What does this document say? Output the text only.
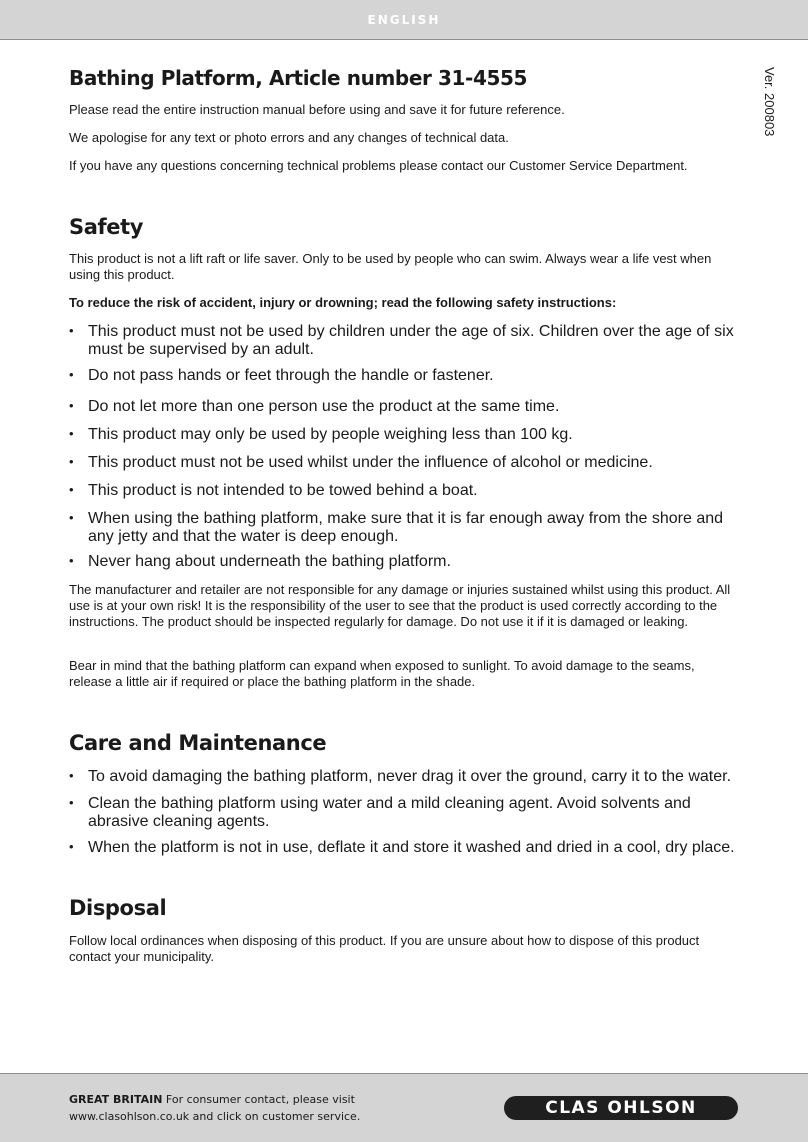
ENGLISH
Ver. 200803
Bathing Platform, Article number 31-4555

Please read the entire instruction manual before using and save it for future reference.

We apologise for any text or photo errors and any changes of technical data.

If you have any questions concerning technical problems please contact our Customer Service Department.

Safety

This product is not a lift raft or life saver. Only to be used by people who can swim. Always wear a life vest when using this product.

To reduce the risk of accident, injury or drowning; read the following safety instructions:

• This product must not be used by children under the age of six. Children over the age of six must be supervised by an adult.
• Do not pass hands or feet through the handle or fastener.
• Do not let more than one person use the product at the same time.
• This product may only be used by people weighing less than 100 kg.
• This product must not be used whilst under the influence of alcohol or medicine.
• This product is not intended to be towed behind a boat.
• When using the bathing platform, make sure that it is far enough away from the shore and any jetty and that the water is deep enough.
• Never hang about underneath the bathing platform.

The manufacturer and retailer are not responsible for any damage or injuries sustained whilst using this product. All use is at your own risk! It is the responsibility of the user to see that the product is used correctly according to the instructions. The product should be inspected regularly for damage. Do not use it if it is damaged or leaking.

Bear in mind that the bathing platform can expand when exposed to sunlight. To avoid damage to the seams, release a little air if required or place the bathing platform in the shade.

Care and Maintenance
• To avoid damaging the bathing platform, never drag it over the ground, carry it to the water.
• Clean the bathing platform using water and a mild cleaning agent. Avoid solvents and abrasive cleaning agents.
• When the platform is not in use, deflate it and store it washed and dried in a cool, dry place.
Disposal

Follow local ordinances when disposing of this product. If you are unsure about how to dispose of this product contact your municipality.

GREAT BRITAIN For consumer contact, please visit www.clasohlson.co.uk and click on customer service.	CLAS OHLSON
